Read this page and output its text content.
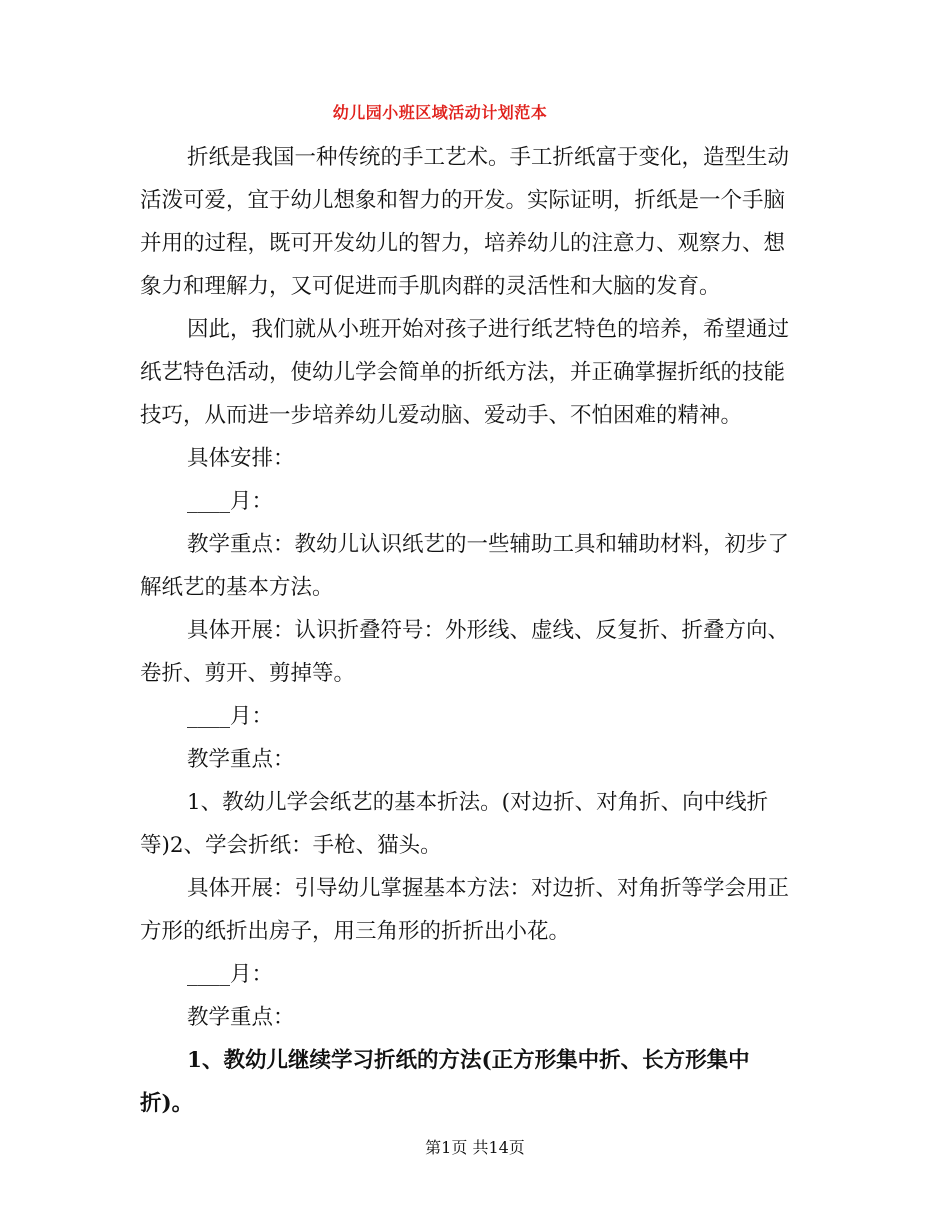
幼儿园小班区域活动计划范本

折纸是我国一种传统的手工艺术。手工折纸富于变化，造型生动活泼可爱，宜于幼儿想象和智力的开发。实际证明，折纸是一个手脑并用的过程，既可开发幼儿的智力，培养幼儿的注意力、观察力、想象力和理解力，又可促进而手肌肉群的灵活性和大脑的发育。

因此，我们就从小班开始对孩子进行纸艺特色的培养，希望通过纸艺特色活动，使幼儿学会简单的折纸方法，并正确掌握折纸的技能技巧，从而进一步培养幼儿爱动脑、爱动手、不怕困难的精神。

具体安排：

____月：

教学重点：教幼儿认识纸艺的一些辅助工具和辅助材料，初步了解纸艺的基本方法。

具体开展：认识折叠符号：外形线、虚线、反复折、折叠方向、卷折、剪开、剪掉等。

____月：

教学重点：

1、教幼儿学会纸艺的基本折法。(对边折、对角折、向中线折等)2、学会折纸：手枪、猫头。

具体开展：引导幼儿掌握基本方法：对边折、对角折等学会用正方形的纸折出房子，用三角形的折折出小花。

____月：

教学重点：

1、教幼儿继续学习折纸的方法(正方形集中折、长方形集中折)。

第1页 共14页
